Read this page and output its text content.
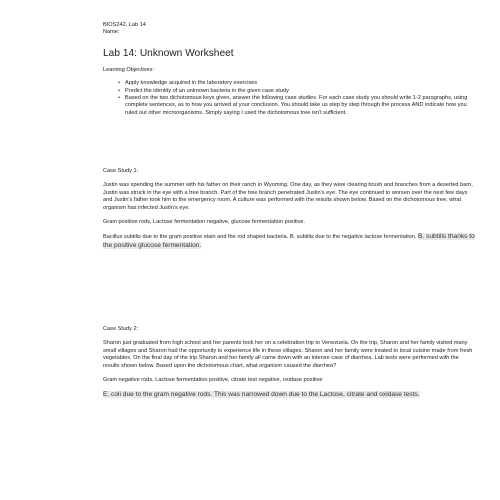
BIOS242, Lab 14

Name:

Lab 14: Unknown Worksheet

Learning Objectives:

• Apply knowledge acquired in the laboratory exercises
• Predict the identity of an unknown bacteria in the given case study
• Based on the two dichotomous keys given, answer the following case studies. For each case study you should write 1-2 paragraphs, using complete sentences, as to how you arrived at your conclusion. You should take us step by step through the process AND indicate how you ruled out other microorganisms. Simply saying I used the dichotomous tree isn't sufficient.

Case Study 1:

Justin was spending the summer with his father on their ranch in Wyoming. One day, as they were clearing brush and branches from a deserted barn, Justin was struck in the eye with a tree branch. Part of the tree branch penetrated Justin's eye. The eye continued to worsen over the next few days and Justin's father took him to the emergency room. A culture was performed with the results shown below. Based on the dichotomous tree, what organism has infected Justin's eye.

Gram positive rods, Lactose fermentation negative, glucose fermentation positive.

Bacillus subtilis due to the gram positive stain and the rod shaped bacteria. B. subtilis due to the negative lactose fermentation. B. subtilis thanks to the positive glucose fermentation.

Case Study 2:

Sharon just graduated from high school and her parents took her on a celebration trip to Venezuela. On the trip, Sharon and her family visited many small villages and Sharon had the opportunity to experience life in these villages. Sharon and her family were treated to local cuisine made from fresh vegetables. On the final day of the trip Sharon and her family all came down with an intense case of diarrhea. Lab tests were performed with the results shown below. Based upon the dichotomous chart, what organism caused the diarrhea?

Gram negative rods, Lactose fermentation positive, citrate test negative, oxidase positive

E. coli due to the gram negative rods. This was narrowed down due to the Lactose, citrate and oxidase tests.
